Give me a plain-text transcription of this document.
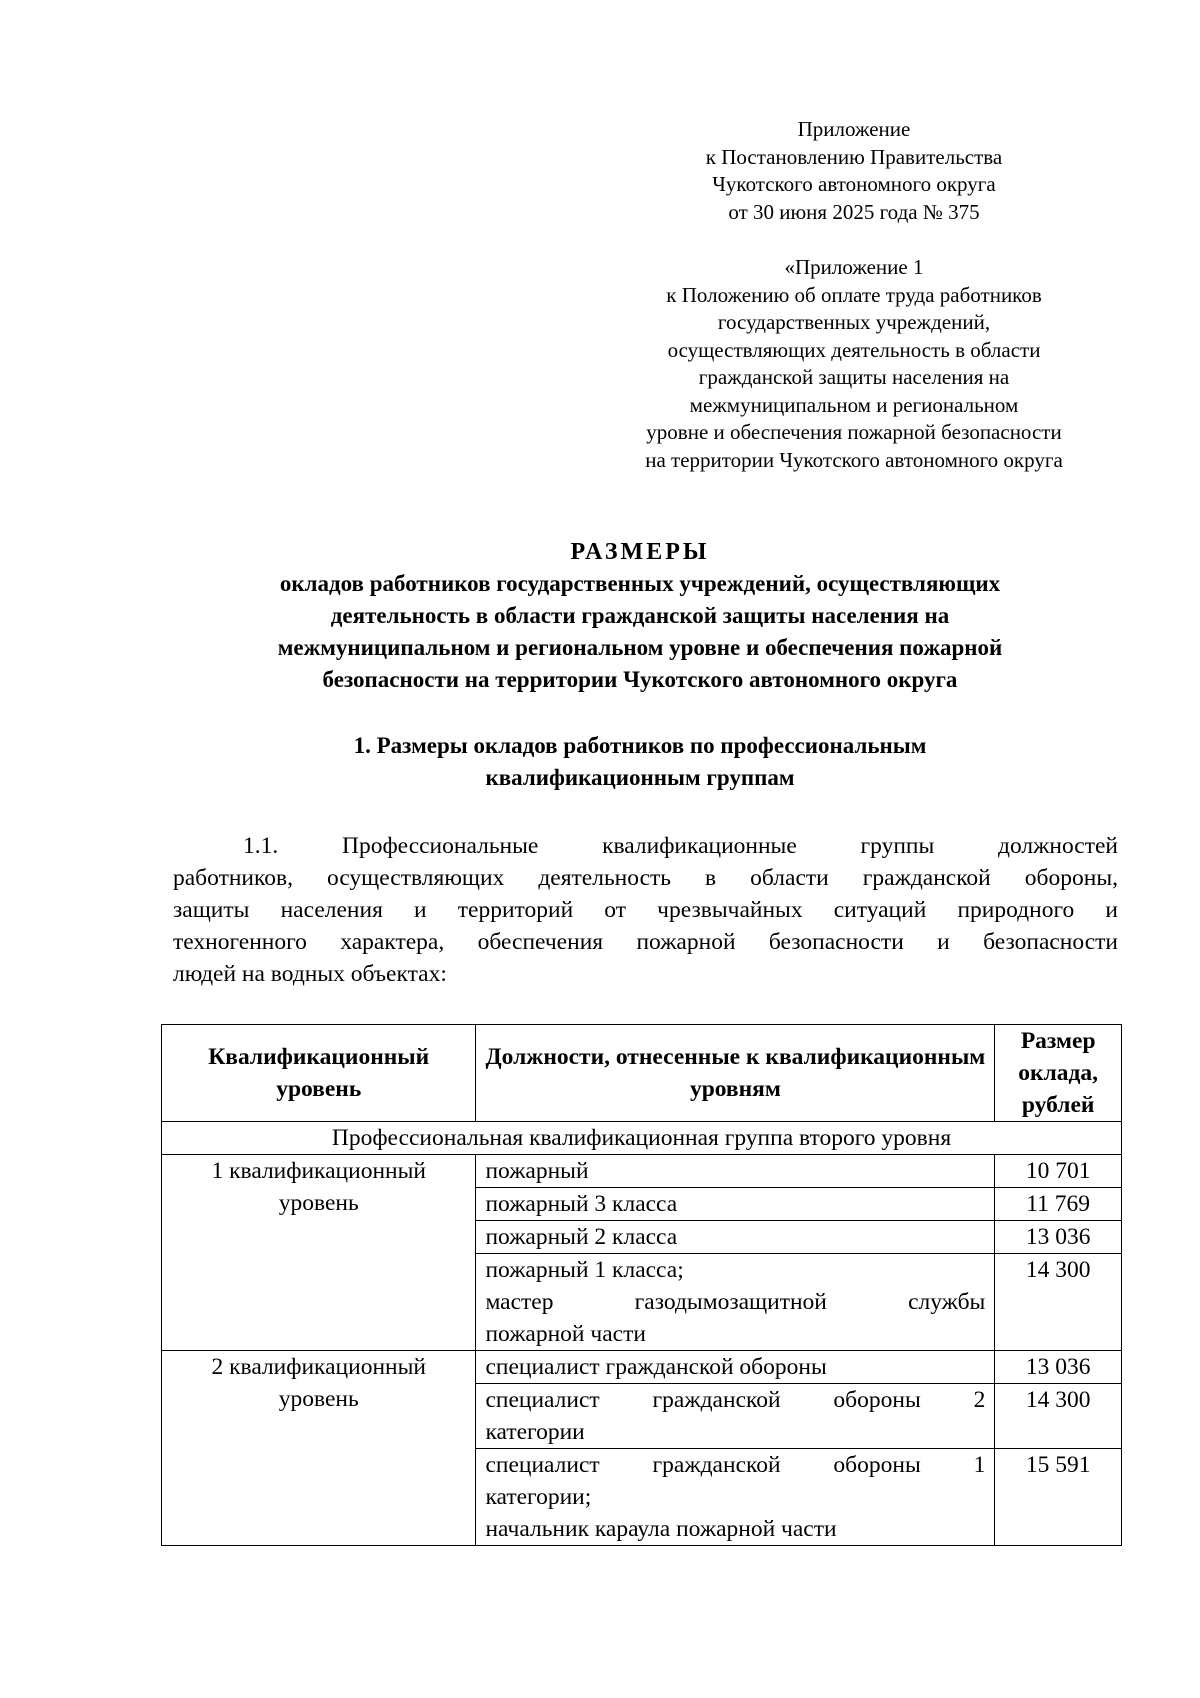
Приложение
к Постановлению Правительства
Чукотского автономного округа
от 30 июня 2025 года № 375
«Приложение 1
к Положению об оплате труда работников
государственных учреждений,
осуществляющих деятельность в области
гражданской защиты населения на
межмуниципальном и региональном
уровне и обеспечения пожарной безопасности
на территории Чукотского автономного округа
РАЗМЕРЫ
окладов работников государственных учреждений, осуществляющих
деятельность в области гражданской защиты населения на
межмуниципальном и региональном уровне и обеспечения пожарной
безопасности на территории Чукотского автономного округа
1. Размеры окладов работников по профессиональным
квалификационным группам
1.1. Профессиональные квалификационные группы должностей
работников, осуществляющих деятельность в области гражданской обороны,
защиты населения и территорий от чрезвычайных ситуаций природного и
техногенного характера, обеспечения пожарной безопасности и безопасности
людей на водных объектах:
Квалификационный уровень	Должности, отнесенные к квалификационным уровням	Размер оклада, рублей
Профессиональная квалификационная группа второго уровня		
1 квалификационный уровень	пожарный	10 701
	пожарный 3 класса	11 769
	пожарный 2 класса	13 036

	пожарный 1 класса;
мастер газодымозащитной службы
пожарной части	14 300
2 квалификационный уровень	специалист гражданской обороны	13 036

	специалист гражданской обороны 2
категории	14 300

	специалист гражданской обороны 1
категории;
начальник караула пожарной части	15 591
